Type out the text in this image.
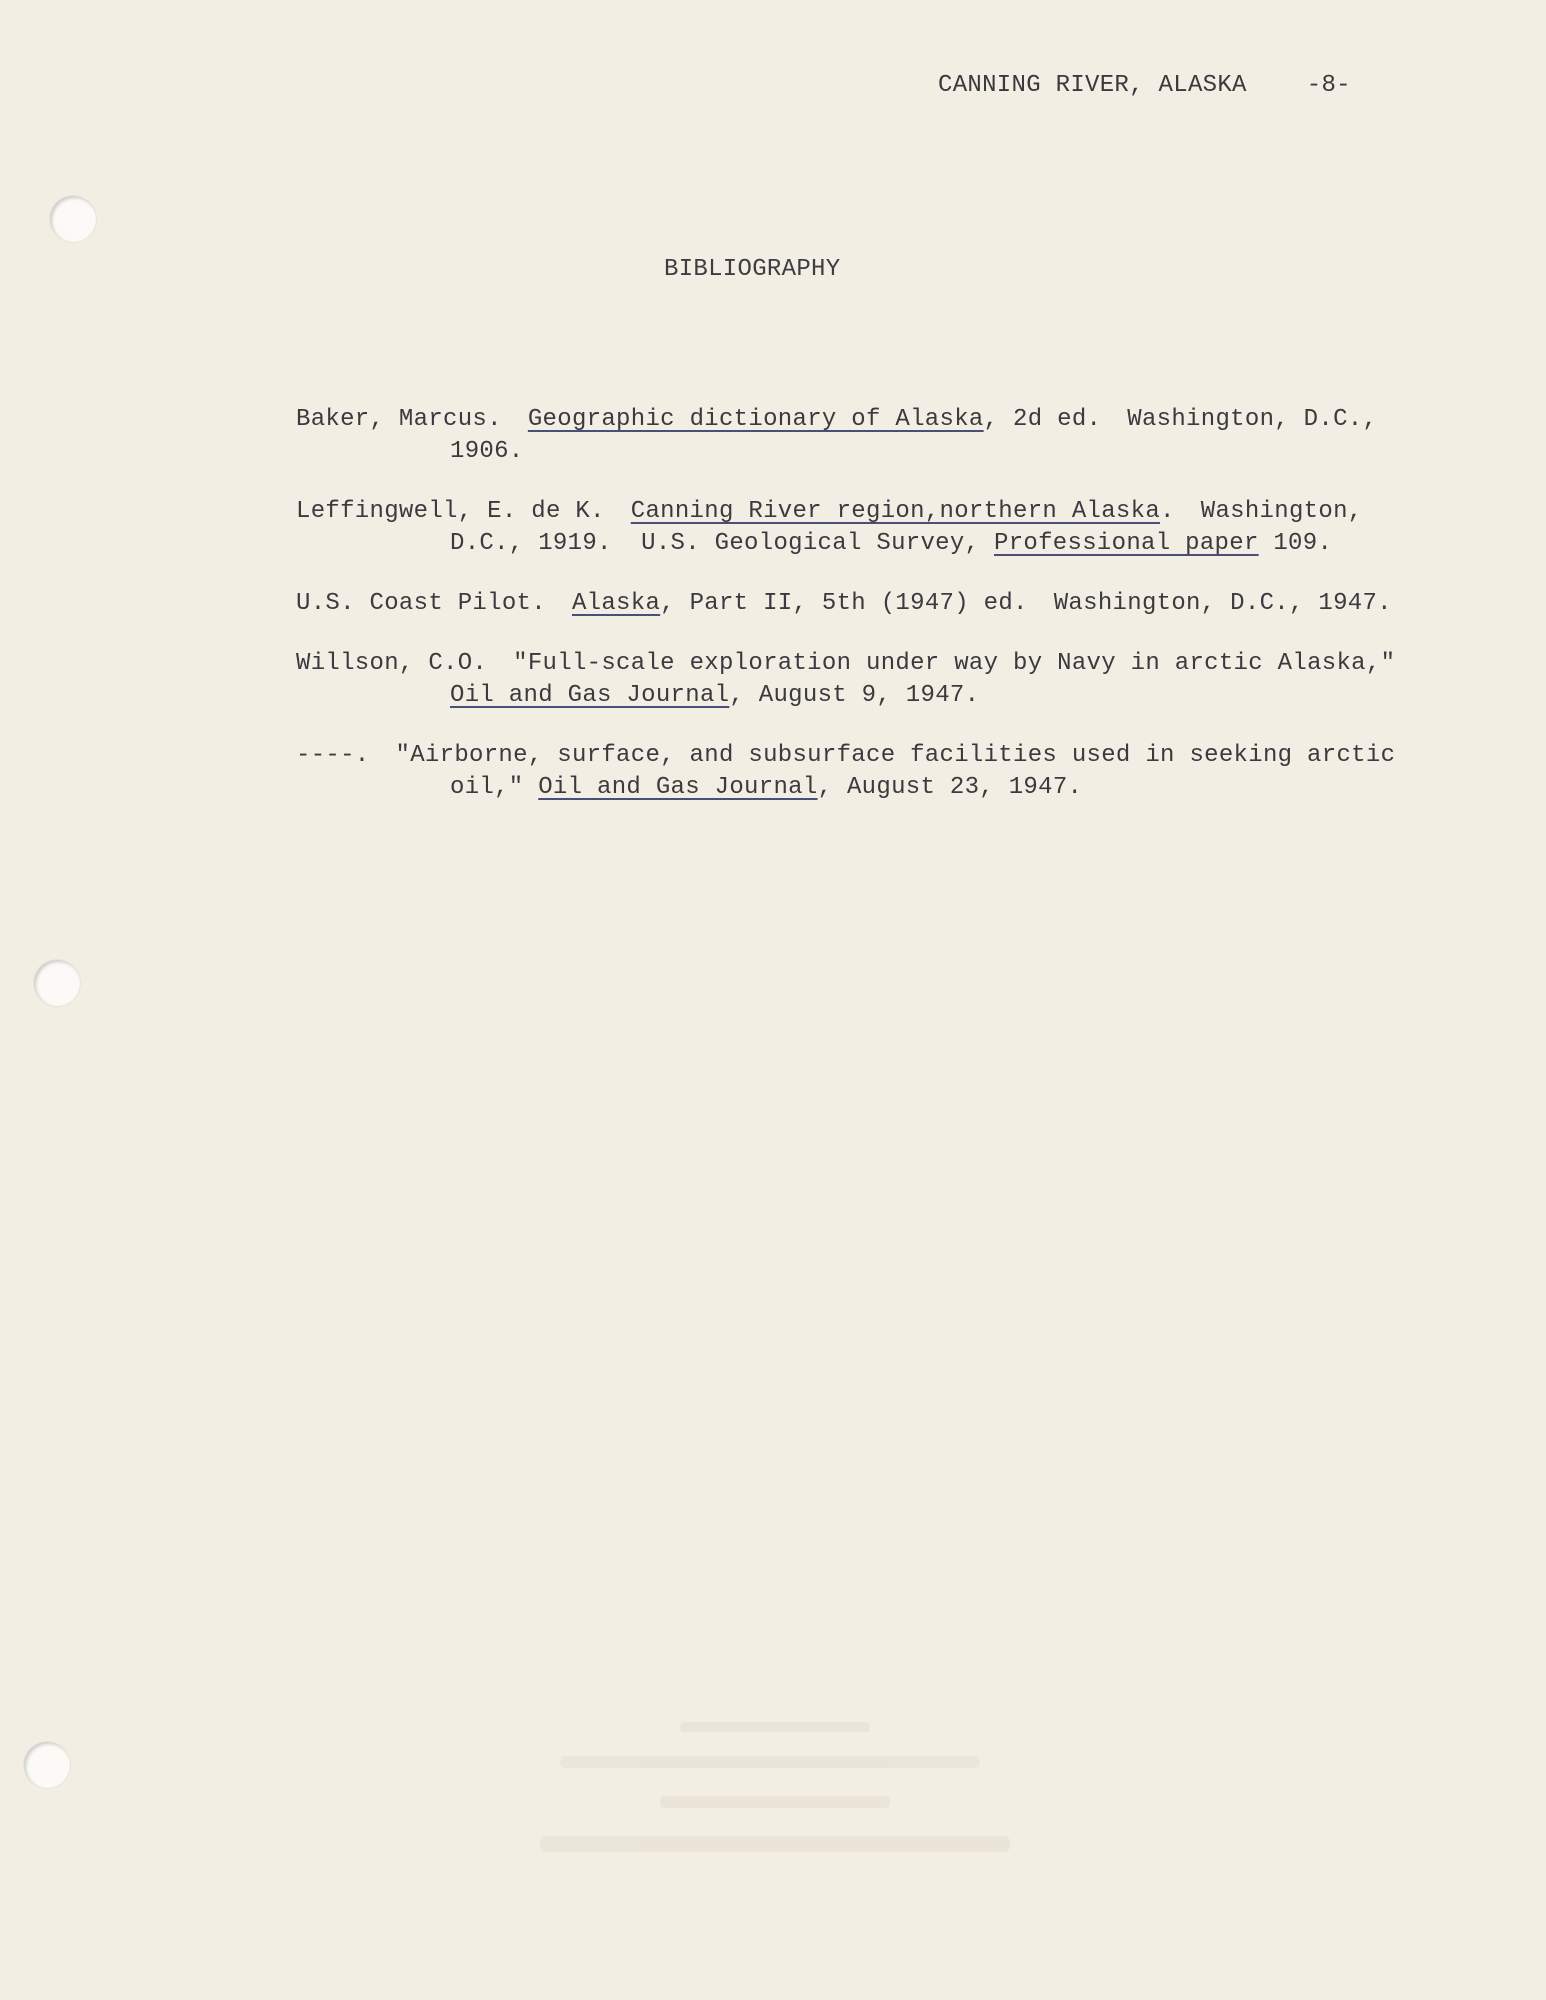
CANNING RIVER, ALASKA	-8-
BIBLIOGRAPHY
Baker, Marcus. Geographic dictionary of Alaska, 2d ed. Washington, D.C.,
1906.
Leffingwell, E. de K. Canning River region,northern Alaska. Washington,
D.C., 1919.  U.S. Geological Survey, Professional paper 109.
U.S. Coast Pilot. Alaska, Part II, 5th (1947) ed. Washington, D.C., 1947.
Willson, C.O. "Full-scale exploration under way by Navy in arctic Alaska,"
Oil and Gas Journal, August 9, 1947.
----. "Airborne, surface, and subsurface facilities used in seeking arctic
oil," Oil and Gas Journal, August 23, 1947.
